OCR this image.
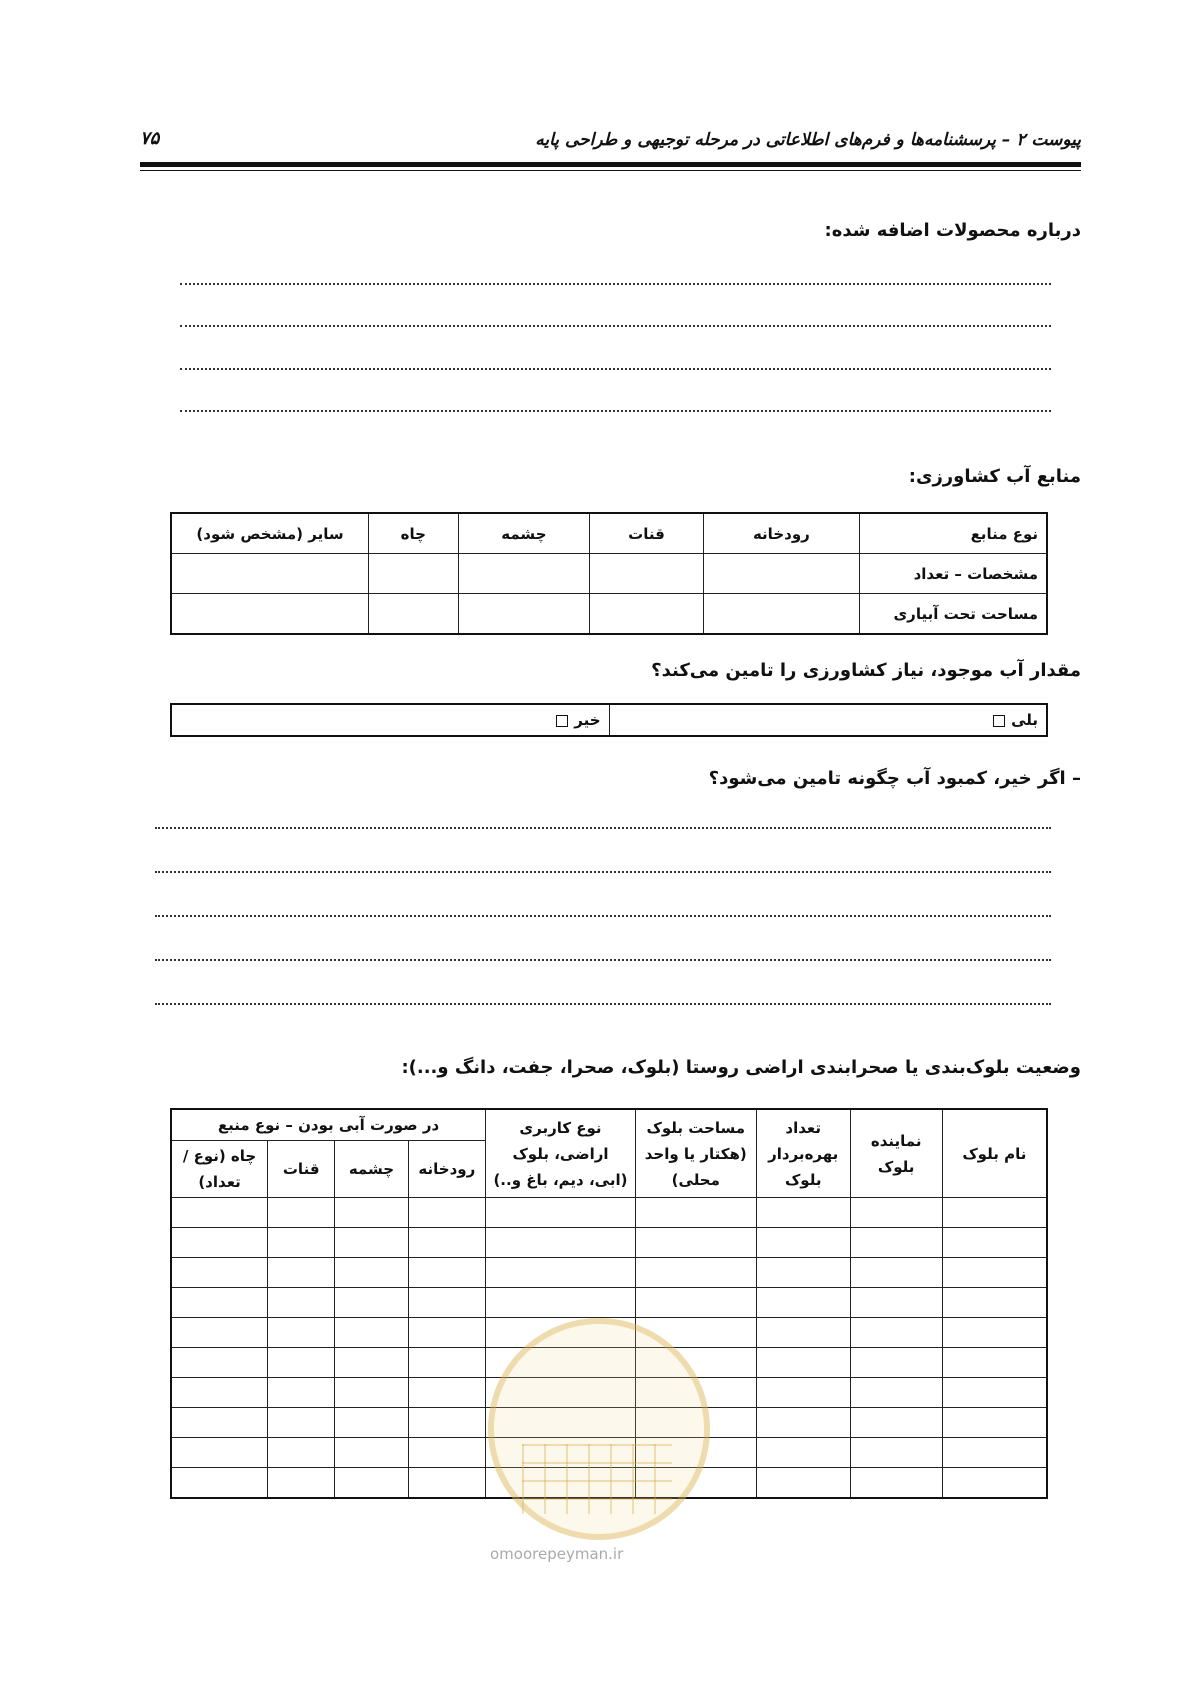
پیوست ۲ – پرسشنامه‌ها و فرم‌های اطلاعاتی در مرحله توجیهی و طراحی پایه
۷۵
درباره محصولات اضافه شده:
منابع آب کشاورزی:
نوع منابع	رودخانه	قنات	چشمه	چاه	سایر (مشخص شود)
مشخصات – تعداد					
مساحت تحت آبیاری					
مقدار آب موجود، نیاز کشاورزی را تامین می‌کند؟
بلی	خیر
– اگر خیر، کمبود آب چگونه تامین می‌شود؟
وضعیت بلوک‌بندی یا صحرابندی اراضی روستا (بلوک، صحرا، جفت، دانگ و...):
نام بلوک	نماینده بلوک	تعداد بهره‌بردار بلوک	مساحت بلوک (هکتار یا واحد محلی)	نوع کاربری اراضی، بلوک (ابی، دیم، باغ و..)	در صورت آبی بودن – نوع منبع			
					رودخانه	چشمه	قنات	چاه (نوع / تعداد)

omoorepeyman.ir
